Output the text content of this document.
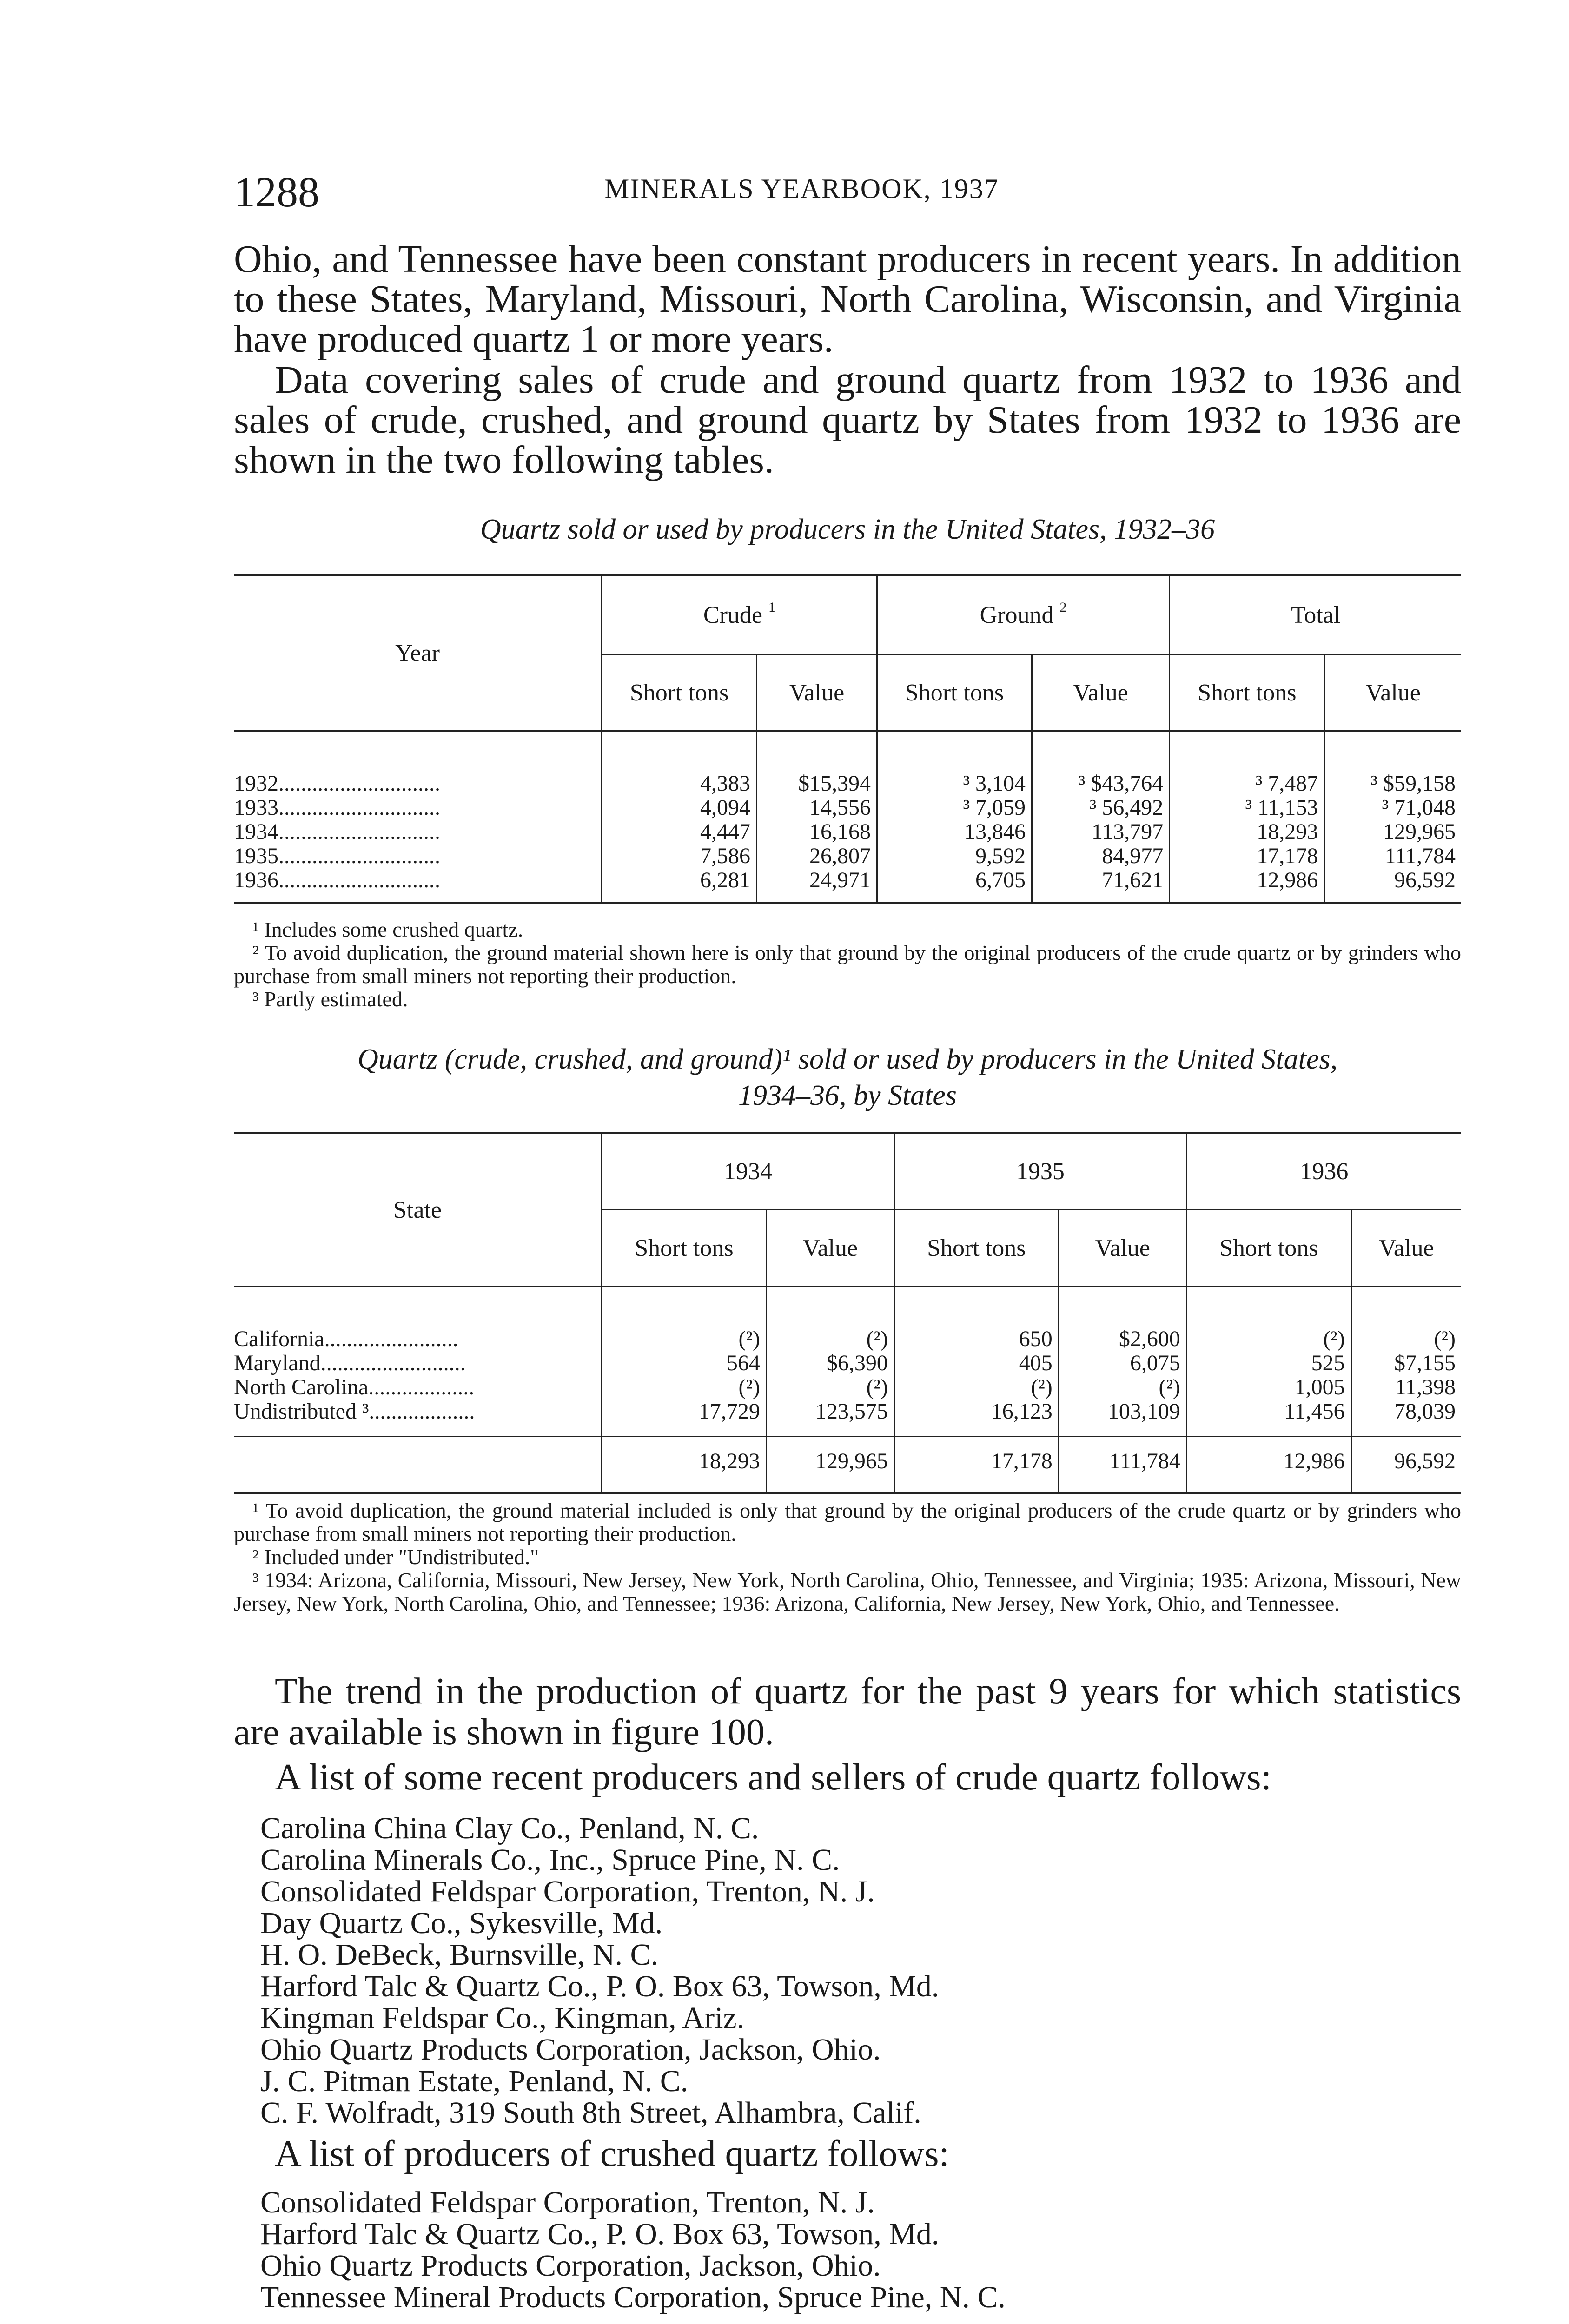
1288	MINERALS YEARBOOK, 1937

Ohio, and Tennessee have been constant producers in recent years. In addition to these States, Maryland, Missouri, North Carolina, Wisconsin, and Virginia have produced quartz 1 or more years.

Data covering sales of crude and ground quartz from 1932 to 1936 and sales of crude, crushed, and ground quartz by States from 1932 to 1936 are shown in the two following tables.

Quartz sold or used by producers in the United States, 1932–36
Year	Crude $^1$		Ground $^2$		Total	
	Short tons	Value	Short tons	Value	Short tons	Value
1932.............................	4,383	$15,394	³ 3,104	³ $43,764	³ 7,487	³ $59,158
1933.............................	4,094	14,556	³ 7,059	³ 56,492	³ 11,153	³ 71,048
1934.............................	4,447	16,168	13,846	113,797	18,293	129,965
1935.............................	7,586	26,807	9,592	84,977	17,178	111,784
1936.............................	6,281	24,971	6,705	71,621	12,986	96,592

¹ Includes some crushed quartz.

² To avoid duplication, the ground material shown here is only that ground by the original producers of the crude quartz or by grinders who purchase from small miners not reporting their production.

³ Partly estimated.

Quartz (crude, crushed, and ground)¹ sold or used by producers in the United States,
1934–36, by States
State	1934		1935		1936	
	Short tons	Value	Short tons	Value	Short tons	Value
California........................	(²)	(²)	650	$2,600	(²)	(²)
Maryland..........................	564	$6,390	405	6,075	525	$7,155
North Carolina...................	(²)	(²)	(²)	(²)	1,005	11,398
Undistributed ³...................	17,729	123,575	16,123	103,109	11,456	78,039
	18,293	129,965	17,178	111,784	12,986	96,592

¹ To avoid duplication, the ground material included is only that ground by the original producers of the crude quartz or by grinders who purchase from small miners not reporting their production.

² Included under "Undistributed."

³ 1934: Arizona, California, Missouri, New Jersey, New York, North Carolina, Ohio, Tennessee, and Virginia; 1935: Arizona, Missouri, New Jersey, New York, North Carolina, Ohio, and Tennessee; 1936: Arizona, California, New Jersey, New York, Ohio, and Tennessee.

The trend in the production of quartz for the past 9 years for which statistics are available is shown in figure 100.

A list of some recent producers and sellers of crude quartz follows:

Carolina China Clay Co., Penland, N. C.
Carolina Minerals Co., Inc., Spruce Pine, N. C.
Consolidated Feldspar Corporation, Trenton, N. J.
Day Quartz Co., Sykesville, Md.
H. O. DeBeck, Burnsville, N. C.
Harford Talc & Quartz Co., P. O. Box 63, Towson, Md.
Kingman Feldspar Co., Kingman, Ariz.
Ohio Quartz Products Corporation, Jackson, Ohio.
J. C. Pitman Estate, Penland, N. C.
C. F. Wolfradt, 319 South 8th Street, Alhambra, Calif.

A list of producers of crushed quartz follows:

Consolidated Feldspar Corporation, Trenton, N. J.
Harford Talc & Quartz Co., P. O. Box 63, Towson, Md.
Ohio Quartz Products Corporation, Jackson, Ohio.
Tennessee Mineral Products Corporation, Spruce Pine, N. C.
